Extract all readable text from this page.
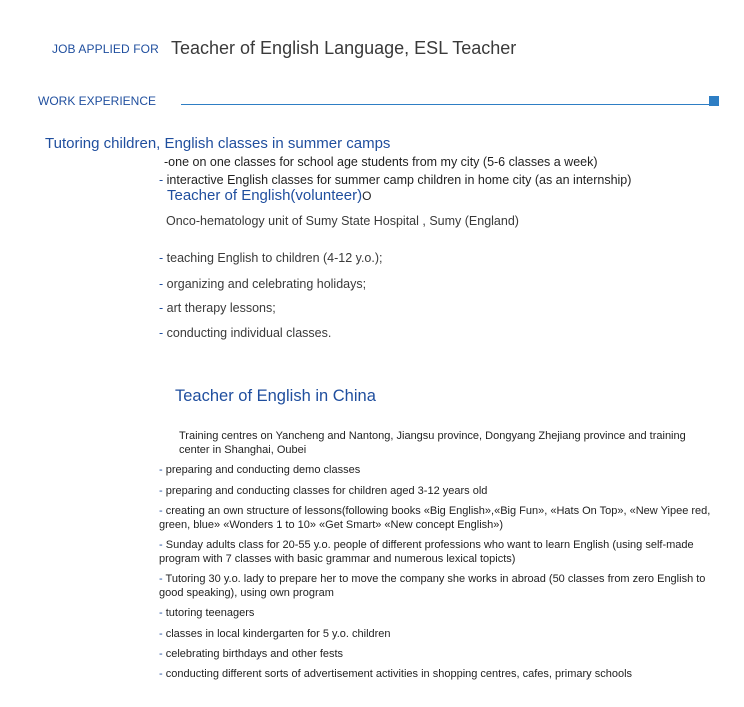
JOB APPLIED FOR Teacher of English Language, ESL Teacher
WORK EXPERIENCE
Tutoring children, English classes in summer camps
-one on one classes for school age students from my city (5-6 classes a week)
- interactive English classes for summer camp children in home city (as an internship)
Teacher of English(volunteer)O
Onco-hematology unit of Sumy State Hospital , Sumy (England)
- teaching English to children (4-12 y.o.);
- organizing and celebrating holidays;
- art therapy lessons;
- conducting individual classes.
Teacher of English in China
Training centres on Yancheng and Nantong, Jiangsu province, Dongyang Zhejiang province and training center in Shanghai, Oubei
- preparing and conducting demo classes
- preparing and conducting classes for children aged 3-12 years old
- creating an own structure of lessons(following books «Big English»,«Big Fun», «Hats On Top», «New Yipee red, green, blue» «Wonders 1 to 10» «Get Smart» «New concept English»)
- Sunday adults class for 20-55 y.o. people of different professions who want to learn English (using self-made program with 7 classes with basic grammar and numerous lexical topicts)
- Tutoring 30 y.o. lady to prepare her to move the company she works in abroad (50 classes from zero English to good speaking), using own program
- tutoring teenagers
- classes in local kindergarten for 5 y.o. children
- celebrating birthdays and other fests
- conducting different sorts of advertisement activities in shopping centres, cafes, primary schools
